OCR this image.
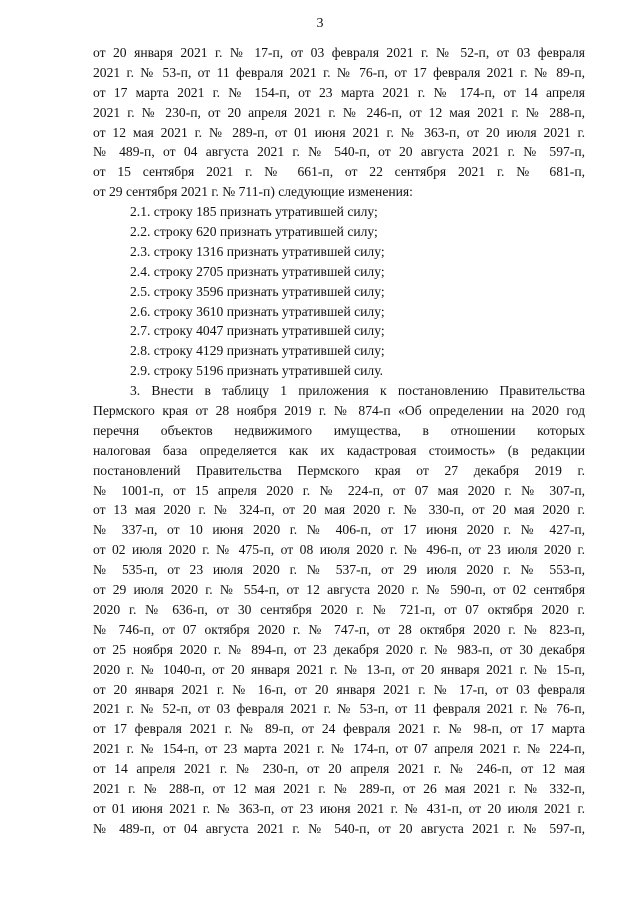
3
от 20 января 2021 г. № 17-п, от 03 февраля 2021 г. № 52-п, от 03 февраля
2021 г. № 53-п, от 11 февраля 2021 г. № 76-п, от 17 февраля 2021 г. № 89-п,
от 17 марта 2021 г. № 154-п, от 23 марта 2021 г. № 174-п, от 14 апреля
2021 г. № 230-п, от 20 апреля 2021 г. № 246-п, от 12 мая 2021 г. № 288-п,
от 12 мая 2021 г. № 289-п, от 01 июня 2021 г. № 363-п, от 20 июля 2021 г.
№ 489-п, от 04 августа 2021 г. № 540-п, от 20 августа 2021 г. № 597-п,
от 15 сентября 2021 г. № 661-п, от 22 сентября 2021 г. № 681-п,
от 29 сентября 2021 г. № 711-п) следующие изменения:
2.1. строку 185 признать утратившей силу;
2.2. строку 620 признать утратившей силу;
2.3. строку 1316 признать утратившей силу;
2.4. строку 2705 признать утратившей силу;
2.5. строку 3596 признать утратившей силу;
2.6. строку 3610 признать утратившей силу;
2.7. строку 4047 признать утратившей силу;
2.8. строку 4129 признать утратившей силу;
2.9. строку 5196 признать утратившей силу.
3. Внести в таблицу 1 приложения к постановлению Правительства
Пермского края от 28 ноября 2019 г. № 874-п «Об определении на 2020 год
перечня объектов недвижимого имущества, в отношении которых
налоговая база определяется как их кадастровая стоимость» (в редакции
постановлений Правительства Пермского края от 27 декабря 2019 г.
№ 1001-п, от 15 апреля 2020 г. № 224-п, от 07 мая 2020 г. № 307-п,
от 13 мая 2020 г. № 324-п, от 20 мая 2020 г. № 330-п, от 20 мая 2020 г.
№ 337-п, от 10 июня 2020 г. № 406-п, от 17 июня 2020 г. № 427-п,
от 02 июля 2020 г. № 475-п, от 08 июля 2020 г. № 496-п, от 23 июля 2020 г.
№ 535-п, от 23 июля 2020 г. № 537-п, от 29 июля 2020 г. № 553-п,
от 29 июля 2020 г. № 554-п, от 12 августа 2020 г. № 590-п, от 02 сентября
2020 г. № 636-п, от 30 сентября 2020 г. № 721-п, от 07 октября 2020 г.
№ 746-п, от 07 октября 2020 г. № 747-п, от 28 октября 2020 г. № 823-п,
от 25 ноября 2020 г. № 894-п, от 23 декабря 2020 г. № 983-п, от 30 декабря
2020 г. № 1040-п, от 20 января 2021 г. № 13-п, от 20 января 2021 г. № 15-п,
от 20 января 2021 г. № 16-п, от 20 января 2021 г. № 17-п, от 03 февраля
2021 г. № 52-п, от 03 февраля 2021 г. № 53-п, от 11 февраля 2021 г. № 76-п,
от 17 февраля 2021 г. № 89-п, от 24 февраля 2021 г. № 98-п, от 17 марта
2021 г. № 154-п, от 23 марта 2021 г. № 174-п, от 07 апреля 2021 г. № 224-п,
от 14 апреля 2021 г. № 230-п, от 20 апреля 2021 г. № 246-п, от 12 мая
2021 г. № 288-п, от 12 мая 2021 г. № 289-п, от 26 мая 2021 г. № 332-п,
от 01 июня 2021 г. № 363-п, от 23 июня 2021 г. № 431-п, от 20 июля 2021 г.
№ 489-п, от 04 августа 2021 г. № 540-п, от 20 августа 2021 г. № 597-п,
